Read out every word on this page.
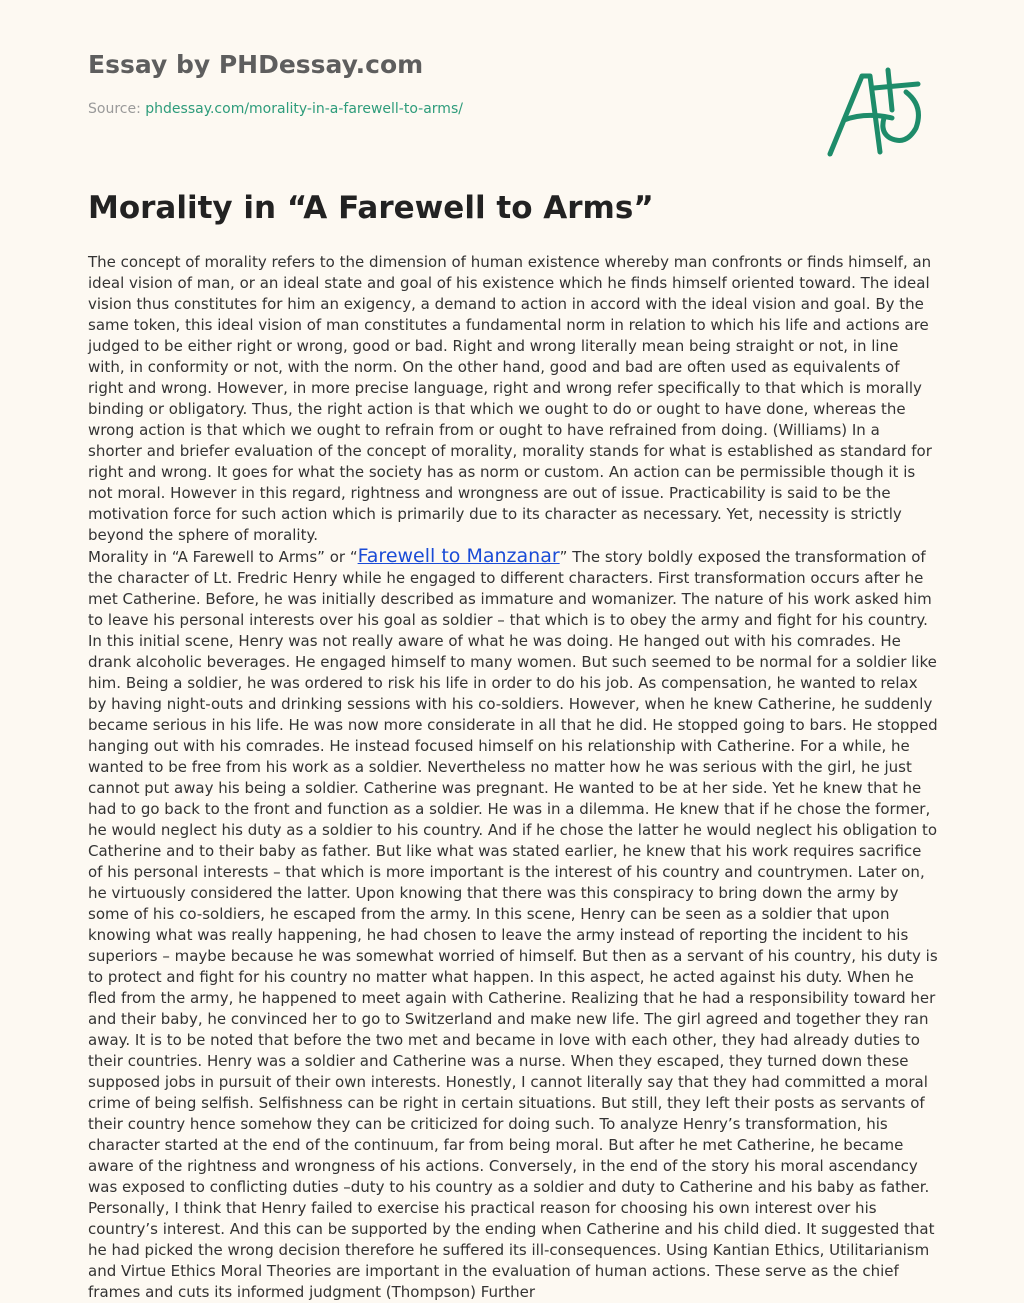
Essay by PHDessay.com
Source: phdessay.com/morality-in-a-farewell-to-arms/
Morality in “A Farewell to Arms”

The concept of morality refers to the dimension of human existence whereby man confronts or finds himself, an ideal vision of man, or an ideal state and goal of his existence which he finds himself oriented toward. The ideal vision thus constitutes for him an exigency, a demand to action in accord with the ideal vision and goal. By the same token, this ideal vision of man constitutes a fundamental norm in relation to which his life and actions are judged to be either right or wrong, good or bad. Right and wrong literally mean being straight or not, in line with, in conformity or not, with the norm. On the other hand, good and bad are often used as equivalents of right and wrong. However, in more precise language, right and wrong refer specifically to that which is morally binding or obligatory. Thus, the right action is that which we ought to do or ought to have done, whereas the wrong action is that which we ought to refrain from or ought to have refrained from doing. (Williams) In a shorter and briefer evaluation of the concept of morality, morality stands for what is established as standard for right and wrong. It goes for what the society has as norm or custom. An action can be permissible though it is not moral. However in this regard, rightness and wrongness are out of issue. Practicability is said to be the motivation force for such action which is primarily due to its character as necessary. Yet, necessity is strictly beyond the sphere of morality.

Morality in “A Farewell to Arms” or “Farewell to Manzanar” The story boldly exposed the transformation of the character of Lt. Fredric Henry while he engaged to different characters. First transformation occurs after he met Catherine. Before, he was initially described as immature and womanizer. The nature of his work asked him to leave his personal interests over his goal as soldier – that which is to obey the army and fight for his country. In this initial scene, Henry was not really aware of what he was doing. He hanged out with his comrades. He drank alcoholic beverages. He engaged himself to many women. But such seemed to be normal for a soldier like him. Being a soldier, he was ordered to risk his life in order to do his job. As compensation, he wanted to relax by having night-outs and drinking sessions with his co-soldiers. However, when he knew Catherine, he suddenly became serious in his life. He was now more considerate in all that he did. He stopped going to bars. He stopped hanging out with his comrades. He instead focused himself on his relationship with Catherine. For a while, he wanted to be free from his work as a soldier. Nevertheless no matter how he was serious with the girl, he just cannot put away his being a soldier. Catherine was pregnant. He wanted to be at her side. Yet he knew that he had to go back to the front and function as a soldier. He was in a dilemma. He knew that if he chose the former, he would neglect his duty as a soldier to his country. And if he chose the latter he would neglect his obligation to Catherine and to their baby as father. But like what was stated earlier, he knew that his work requires sacrifice of his personal interests – that which is more important is the interest of his country and countrymen. Later on, he virtuously considered the latter. Upon knowing that there was this conspiracy to bring down the army by some of his co-soldiers, he escaped from the army. In this scene, Henry can be seen as a soldier that upon knowing what was really happening, he had chosen to leave the army instead of reporting the incident to his superiors – maybe because he was somewhat worried of himself. But then as a servant of his country, his duty is to protect and fight for his country no matter what happen. In this aspect, he acted against his duty. When he fled from the army, he happened to meet again with Catherine. Realizing that he had a responsibility toward her and their baby, he convinced her to go to Switzerland and make new life. The girl agreed and together they ran away. It is to be noted that before the two met and became in love with each other, they had already duties to their countries. Henry was a soldier and Catherine was a nurse. When they escaped, they turned down these supposed jobs in pursuit of their own interests. Honestly, I cannot literally say that they had committed a moral crime of being selfish. Selfishness can be right in certain situations. But still, they left their posts as servants of their country hence somehow they can be criticized for doing such. To analyze Henry’s transformation, his character started at the end of the continuum, far from being moral. But after he met Catherine, he became aware of the rightness and wrongness of his actions. Conversely, in the end of the story his moral ascendancy was exposed to conflicting duties –duty to his country as a soldier and duty to Catherine and his baby as father. Personally, I think that Henry failed to exercise his practical reason for choosing his own interest over his country’s interest. And this can be supported by the ending when Catherine and his child died. It suggested that he had picked the wrong decision therefore he suffered its ill-consequences. Using Kantian Ethics, Utilitarianism and Virtue Ethics Moral Theories are important in the evaluation of human actions. These serve as the chief frames and cuts its informed judgment (Thompson) Further
